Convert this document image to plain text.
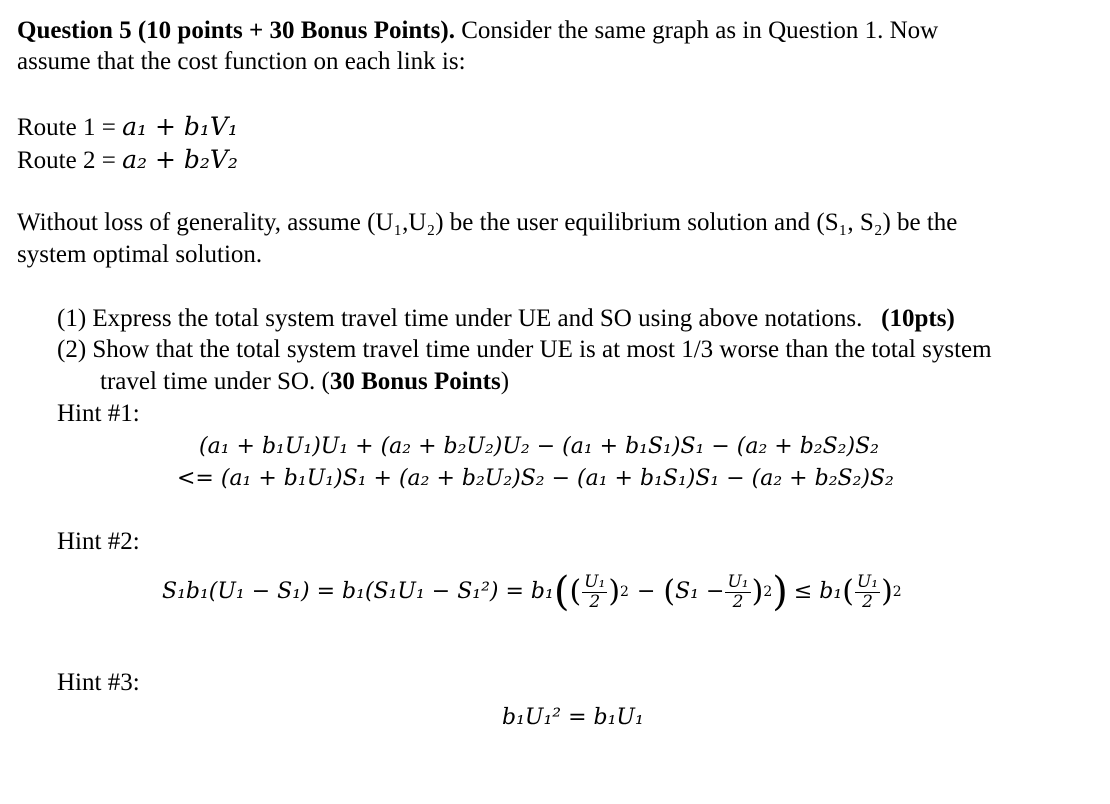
Question 5 (10 points + 30 Bonus Points). Consider the same graph as in Question 1. Now
assume that the cost function on each link is:
Route 1 = a₁ + b₁V₁
Route 2 = a₂ + b₂V₂
Without loss of generality, assume (U₁,U₂) be the user equilibrium solution and (S₁, S₂) be the
system optimal solution.
(1) Express the total system travel time under UE and SO using above notations. (10pts)
(2) Show that the total system travel time under UE is at most 1/3 worse than the total system
travel time under SO. (30 Bonus Points)
Hint #1:
(a₁ + b₁U₁)U₁ + (a₂ + b₂U₂)U₂ − (a₁ + b₁S₁)S₁ − (a₂ + b₂S₂)S₂
<= (a₁ + b₁U₁)S₁ + (a₂ + b₂U₂)S₂ − (a₁ + b₁S₁)S₁ − (a₂ + b₂S₂)S₂
Hint #2:
S₁b₁(U₁ − S₁) = b₁(S₁U₁ − S₁²) = b₁ ( ( $\frac{\text{U₁}}{2}$ ) 2 − ( $S_1 - \frac{\text{U₁}}{2}$ ) 2 ) ≤ b₁ ( $\frac{\text{U₁}}{2}$ ) 2
Hint #3:
b₁U₁² = b₁U₁
